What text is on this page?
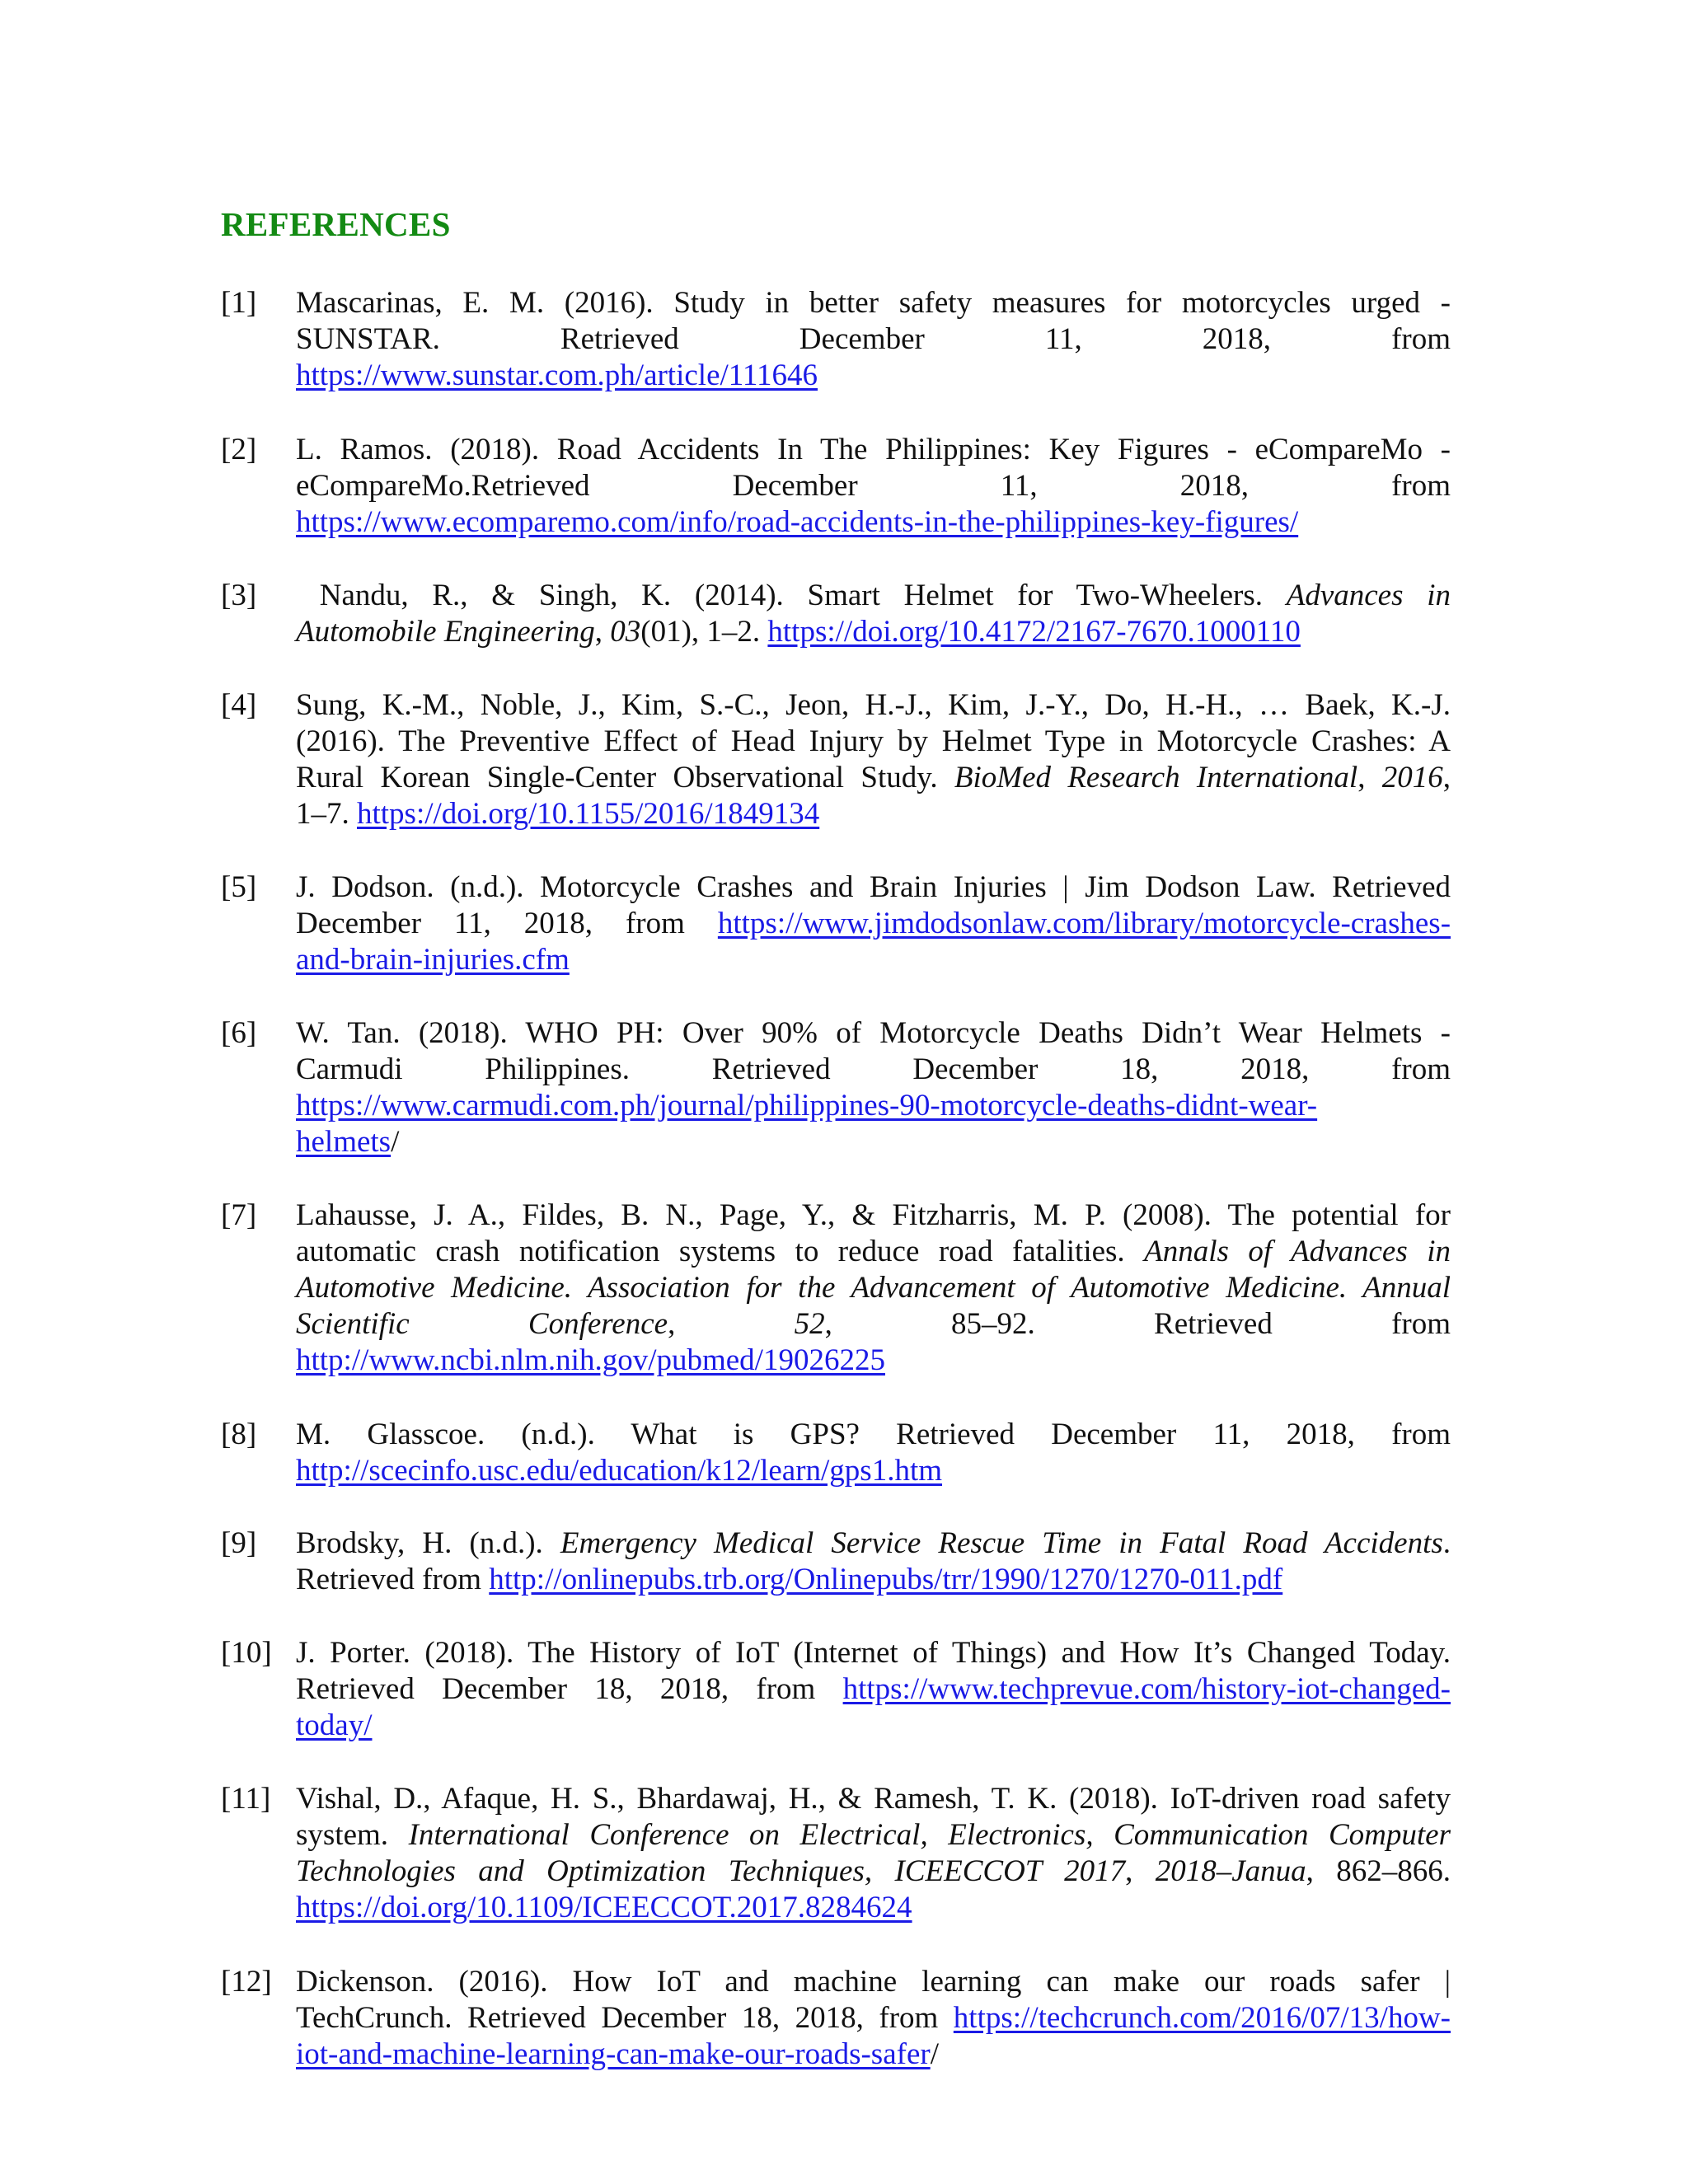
REFERENCES
[1] Mascarinas, E. M. (2016). Study in better safety measures for motorcycles urged -
SUNSTAR. Retrieved December 11, 2018, from
https://www.sunstar.com.ph/article/111646
[2] L. Ramos. (2018). Road Accidents In The Philippines: Key Figures - eCompareMo -
eCompareMo.Retrieved December 11, 2018, from
https://www.ecomparemo.com/info/road-accidents-in-the-philippines-key-figures/
[3]	Nandu, R., & Singh, K. (2014). Smart Helmet for Two-Wheelers. Advances in
Automobile Engineering, 03(01), 1–2. https://doi.org/10.4172/2167-7670.1000110
[4] Sung, K.-M., Noble, J., Kim, S.-C., Jeon, H.-J., Kim, J.-Y., Do, H.-H., … Baek, K.-J.
(2016). The Preventive Effect of Head Injury by Helmet Type in Motorcycle Crashes: A
Rural Korean Single-Center Observational Study. BioMed Research International, 2016,
1–7. https://doi.org/10.1155/2016/1849134
[5] J. Dodson. (n.d.). Motorcycle Crashes and Brain Injuries | Jim Dodson Law. Retrieved
December 11, 2018, from https://www.jimdodsonlaw.com/library/motorcycle-crashes-
and-brain-injuries.cfm
[6] W. Tan. (2018). WHO PH: Over 90% of Motorcycle Deaths Didn’t Wear Helmets -
Carmudi Philippines. Retrieved December 18, 2018, from
https://www.carmudi.com.ph/journal/philippines-90-motorcycle-deaths-didnt-wear-
helmets/
[7] Lahausse, J. A., Fildes, B. N., Page, Y., & Fitzharris, M. P. (2008). The potential for
automatic crash notification systems to reduce road fatalities. Annals of Advances in
Automotive Medicine. Association for the Advancement of Automotive Medicine. Annual
Scientific Conference, 52, 85–92. Retrieved from
http://www.ncbi.nlm.nih.gov/pubmed/19026225
[8] M. Glasscoe. (n.d.). What is GPS? Retrieved December 11, 2018, from
http://scecinfo.usc.edu/education/k12/learn/gps1.htm
[9] Brodsky, H. (n.d.). Emergency Medical Service Rescue Time in Fatal Road Accidents.
Retrieved from http://onlinepubs.trb.org/Onlinepubs/trr/1990/1270/1270-011.pdf
[10] J. Porter. (2018). The History of IoT (Internet of Things) and How It’s Changed Today.
Retrieved December 18, 2018, from https://www.techprevue.com/history-iot-changed-
today/
[11] Vishal, D., Afaque, H. S., Bhardawaj, H., & Ramesh, T. K. (2018). IoT-driven road safety
system. International Conference on Electrical, Electronics, Communication Computer
Technologies and Optimization Techniques, ICEECCOT 2017, 2018–Janua, 862–866.
https://doi.org/10.1109/ICEECCOT.2017.8284624
[12] Dickenson. (2016). How IoT and machine learning can make our roads safer |
TechCrunch. Retrieved December 18, 2018, from https://techcrunch.com/2016/07/13/how-
iot-and-machine-learning-can-make-our-roads-safer/
